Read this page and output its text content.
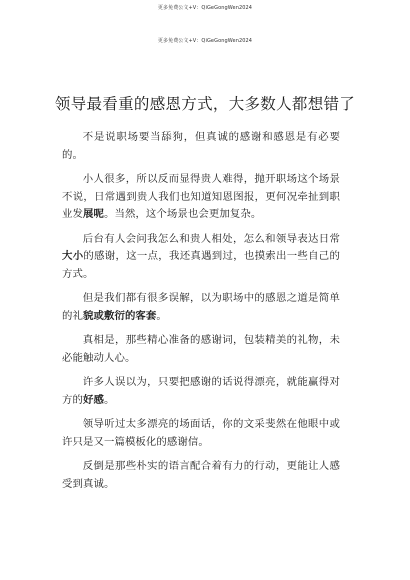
更多免费公文+V：QiGeGongWen2024
更多免费公文+V：QiGeGongWen2024
领导最看重的感恩方式，大多数人都想错了

不是说职场要当舔狗，但真诚的感谢和感恩是有必要的。

小人很多，所以反而显得贵人难得，抛开职场这个场景不说，日常遇到贵人我们也知道知恩图报，更何况牵扯到职业发展呢。当然，这个场景也会更加复杂。

后台有人会问我怎么和贵人相处，怎么和领导表达日常大小的感谢，这一点，我还真遇到过，也摸索出一些自己的方式。

但是我们都有很多误解，以为职场中的感恩之道是简单的礼貌或敷衍的客套。

真相是，那些精心准备的感谢词，包装精美的礼物，未必能触动人心。

许多人误以为，只要把感谢的话说得漂亮，就能赢得对方的好感。

领导听过太多漂亮的场面话，你的文采斐然在他眼中或许只是又一篇模板化的感谢信。

反倒是那些朴实的语言配合着有力的行动，更能让人感受到真诚。
